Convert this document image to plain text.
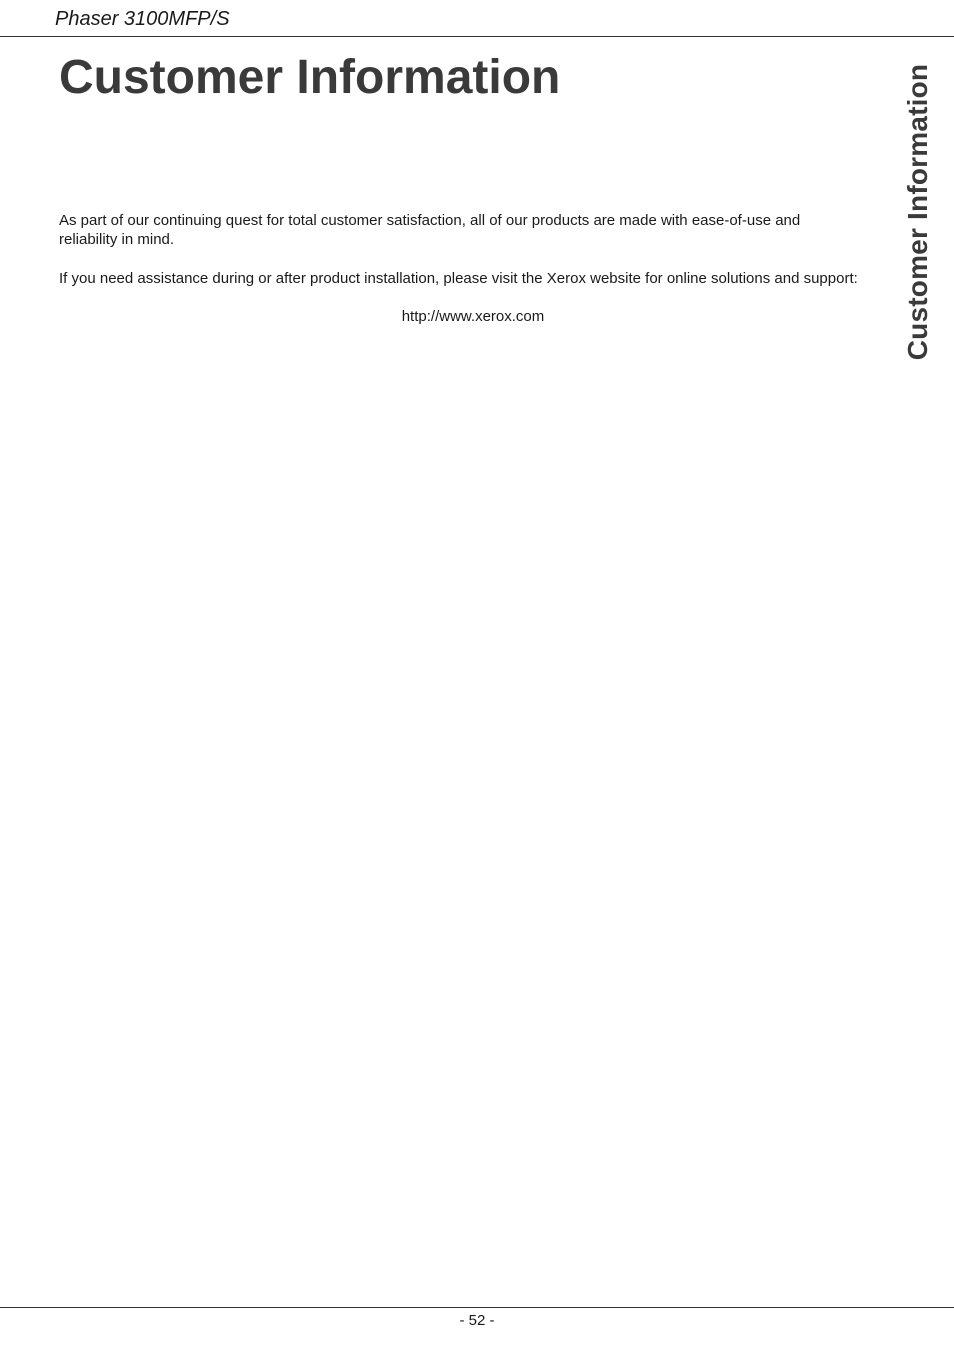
Phaser 3100MFP/S
Customer Information	Customer Information

As part of our continuing quest for total customer satisfaction, all of our products are made with ease-of-use and reliability in mind.

If you need assistance during or after product installation, please visit the Xerox website for online solutions and support:

http://www.xerox.com
- 52 -
